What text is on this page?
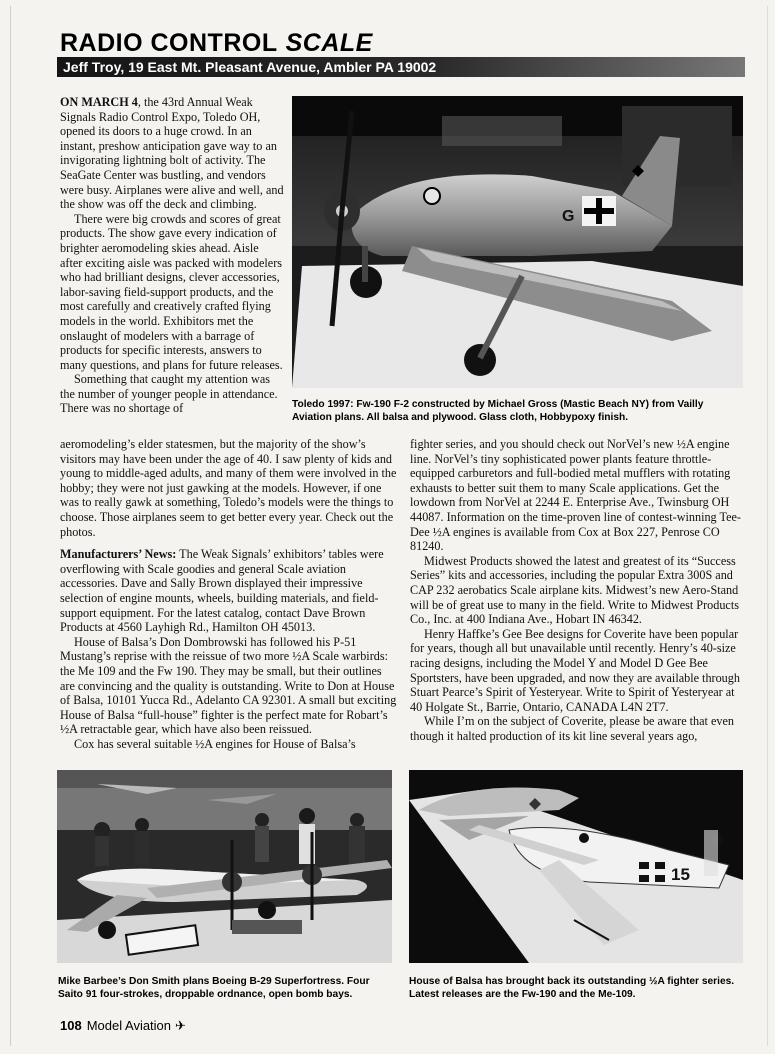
RADIO CONTROL SCALE
Jeff Troy, 19 East Mt. Pleasant Avenue, Ambler PA 19002
G

Toledo 1997: Fw-190 F-2 constructed by Michael Gross (Mastic Beach NY) from Vailly Aviation plans. All balsa and plywood. Glass cloth, Hobbypoxy finish.

ON MARCH 4, the 43rd Annual Weak Signals Radio Control Expo, Toledo OH, opened its doors to a huge crowd. In an instant, preshow anticipation gave way to an invigorating lightning bolt of activity. The SeaGate Center was bustling, and vendors were busy. Airplanes were alive and well, and the show was off the deck and climbing.

There were big crowds and scores of great products. The show gave every indication of brighter aeromodeling skies ahead. Aisle after exciting aisle was packed with modelers who had brilliant designs, clever accessories, labor-saving field-support products, and the most carefully and creatively crafted flying models in the world. Exhibitors met the onslaught of modelers with a barrage of products for specific interests, answers to many questions, and plans for future releases.

Something that caught my attention was the number of younger people in attendance. There was no shortage of

aeromodeling’s elder statesmen, but the majority of the show’s visitors may have been under the age of 40. I saw plenty of kids and young to middle-aged adults, and many of them were involved in the hobby; they were not just gawking at the models. However, if one was to really gawk at something, Toledo’s models were the things to choose. Those airplanes seem to get better every year. Check out the photos.

Manufacturers’ News: The Weak Signals’ exhibitors’ tables were overflowing with Scale goodies and general Scale aviation accessories. Dave and Sally Brown displayed their impressive selection of engine mounts, wheels, building materials, and field-support equipment. For the latest catalog, contact Dave Brown Products at 4560 Layhigh Rd., Hamilton OH 45013.

House of Balsa’s Don Dombrowski has followed his P-51 Mustang’s reprise with the reissue of two more ½A Scale warbirds: the Me 109 and the Fw 190. They may be small, but their outlines are convincing and the quality is outstanding. Write to Don at House of Balsa, 10101 Yucca Rd., Adelanto CA 92301. A small but exciting House of Balsa “full-house” fighter is the perfect mate for Robart’s ½A retractable gear, which have also been reissued.

Cox has several suitable ½A engines for House of Balsa’s

fighter series, and you should check out NorVel’s new ½A engine line. NorVel’s tiny sophisticated power plants feature throttle-equipped carburetors and full-bodied metal mufflers with rotating exhausts to better suit them to many Scale applications. Get the lowdown from NorVel at 2244 E. Enterprise Ave., Twinsburg OH 44087. Information on the time-proven line of contest-winning Tee-Dee ½A engines is available from Cox at Box 227, Penrose CO 81240.

Midwest Products showed the latest and greatest of its “Success Series” kits and accessories, including the popular Extra 300S and CAP 232 aerobatics Scale airplane kits. Midwest’s new Aero-Stand will be of great use to many in the field. Write to Midwest Products Co., Inc. at 400 Indiana Ave., Hobart IN 46342.

Henry Haffke’s Gee Bee designs for Coverite have been popular for years, though all but unavailable until recently. Henry’s 40-size racing designs, including the Model Y and Model D Gee Bee Sportsters, have been upgraded, and now they are available through Stuart Pearce’s Spirit of Yesteryear. Write to Spirit of Yesteryear at 40 Holgate St., Barrie, Ontario, CANADA L4N 2T7.

While I’m on the subject of Coverite, please be aware that even though it halted production of its kit line several years ago,

Mike Barbee’s Don Smith plans Boeing B-29 Superfortress. Four Saito 91 four-strokes, droppable ordnance, open bomb bays.

15

House of Balsa has brought back its outstanding ½A fighter series. Latest releases are the Fw-190 and the Me-109.

108 Model Aviation ✈
